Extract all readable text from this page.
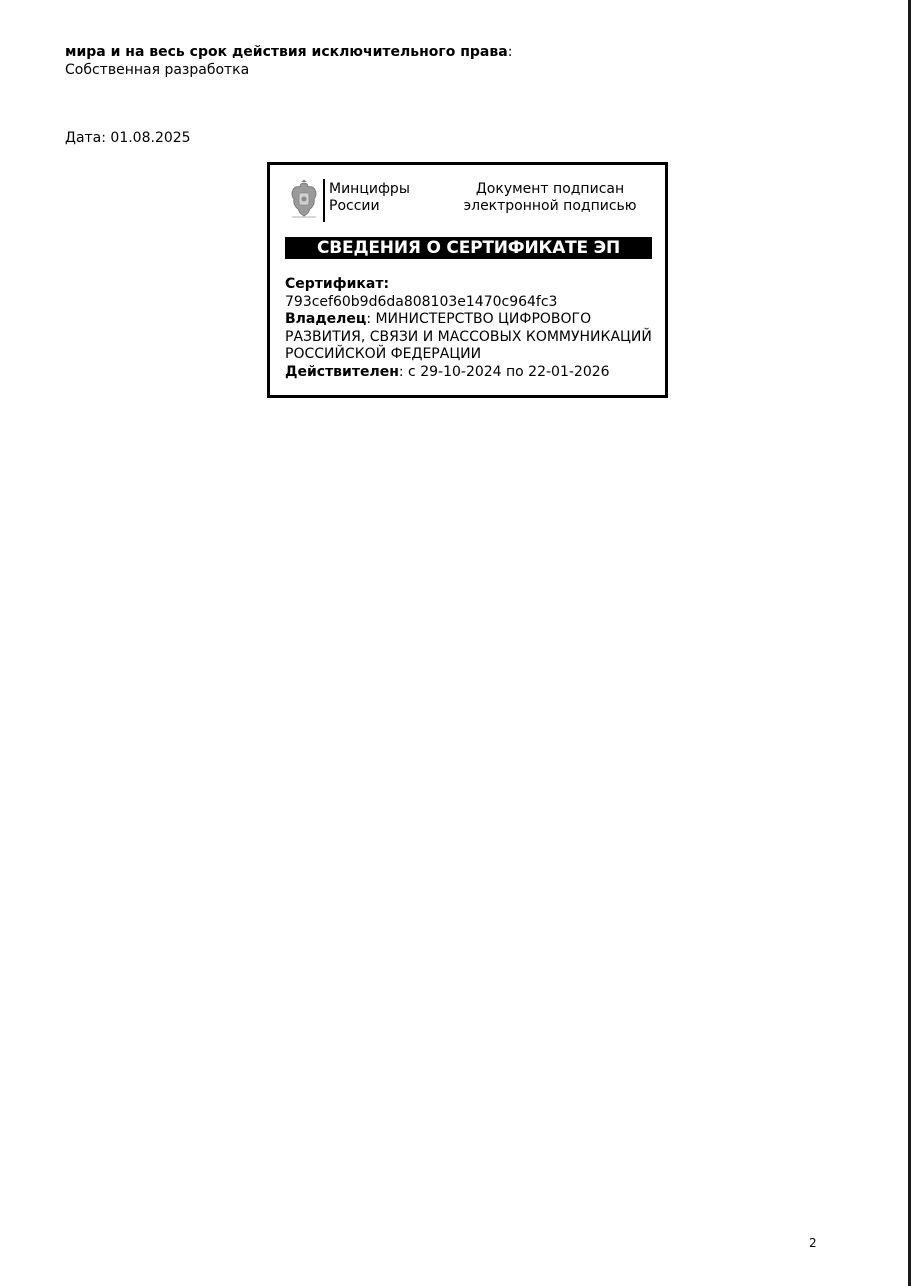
мира и на весь срок действия исключительного права:
Собственная разработка
Дата: 01.08.2025
Минцифры
России
Документ подписан
электронной подписью
СВЕДЕНИЯ О СЕРТИФИКАТЕ ЭП
Сертификат:
793cef60b9d6da808103e1470c964fc3
Владелец: МИНИСТЕРСТВО ЦИФРОВОГО РАЗВИТИЯ, СВЯЗИ И МАССОВЫХ КОММУНИКАЦИЙ РОССИЙСКОЙ ФЕДЕРАЦИИ
Действителен: с 29-10-2024 по 22-01-2026
2
